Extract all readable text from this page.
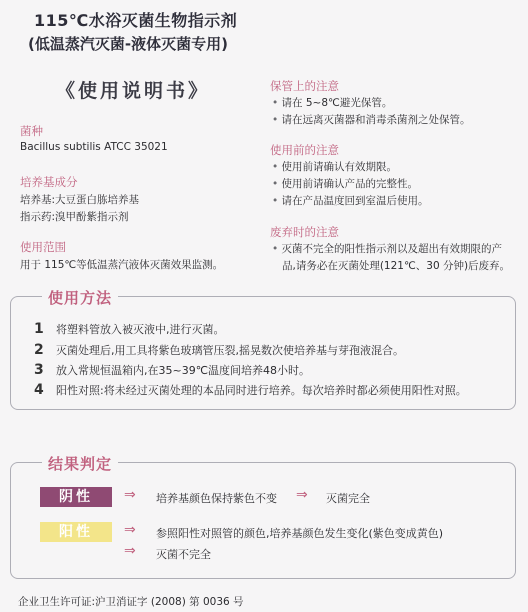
115℃水浴灭菌生物指示剂
(低温蒸汽灭菌-液体灭菌专用)
《使用说明书》
菌种
Bacillus subtilis ATCC 35021
培养基成分
培养基:大豆蛋白胨培养基
指示药:溴甲酚紫指示剂
使用范围
用于 115℃等低温蒸汽液体灭菌效果监测。
保管上的注意
• 请在 5~8℃避光保管。
• 请在远离灭菌器和消毒杀菌剂之处保管。
使用前的注意
• 使用前请确认有效期限。
• 使用前请确认产品的完整性。
• 请在产品温度回到室温后使用。
废弃时的注意
• 灭菌不完全的阳性指示剂以及超出有效期限的产
品,请务必在灭菌处理(121℃、30 分钟)后废弃。
使用方法
1 将塑料管放入被灭液中,进行灭菌。
2 灭菌处理后,用工具将紫色玻璃管压裂,摇晃数次使培养基与芽孢液混合。
3 放入常规恒温箱内,在35~39℃温度间培养48小时。
4 阳性对照:将未经过灭菌处理的本品同时进行培养。每次培养时都必须使用阳性对照。
结果判定
阴性	⇒ 培养基颜色保持紫色不变 ⇒ 灭菌完全
阳性	⇒ 参照阳性对照管的颜色,培养基颜色发生变化(紫色变成黄色)
⇒ 灭菌不完全
企业卫生许可证:沪卫消证字 (2008) 第 0036 号
